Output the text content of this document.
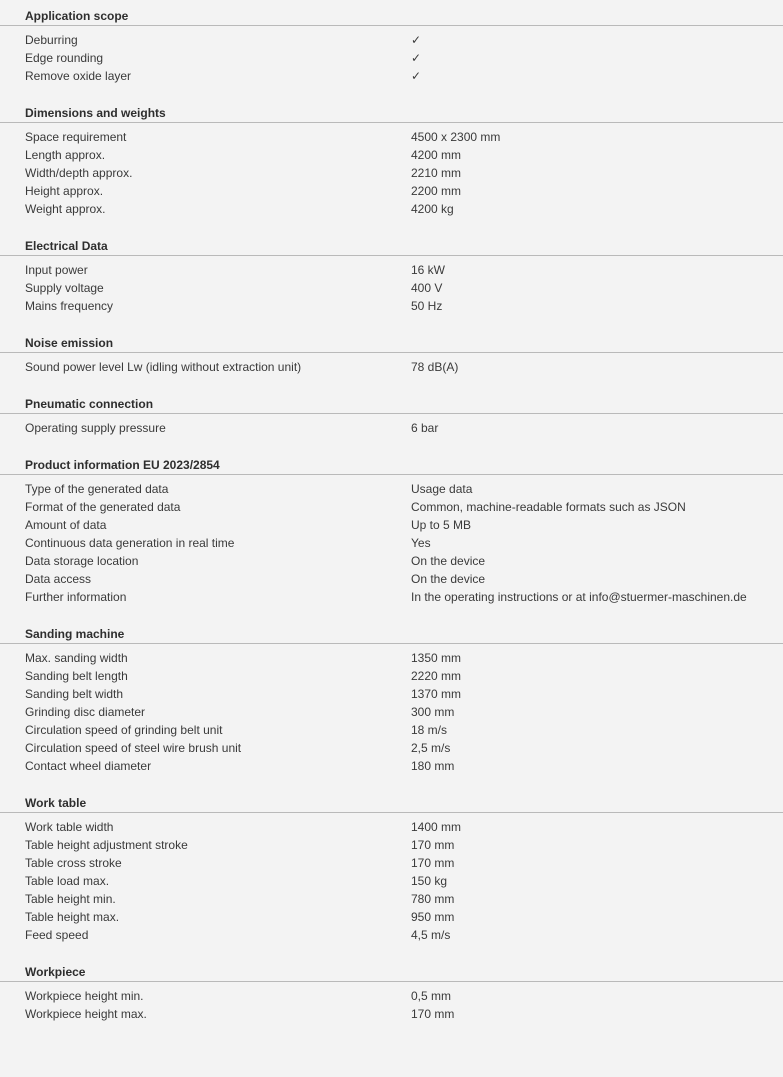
Application scope
Deburring	✓
Edge rounding	✓
Remove oxide layer	✓
Dimensions and weights
Space requirement	4500 x 2300 mm
Length approx.	4200 mm
Width/depth approx.	2210 mm
Height approx.	2200 mm
Weight approx.	4200 kg
Electrical Data
Input power	16 kW
Supply voltage	400 V
Mains frequency	50 Hz
Noise emission
Sound power level Lw (idling without extraction unit)	78 dB(A)
Pneumatic connection
Operating supply pressure	6 bar
Product information EU 2023/2854
Type of the generated data	Usage data
Format of the generated data	Common, machine-readable formats such as JSON
Amount of data	Up to 5 MB
Continuous data generation in real time	Yes
Data storage location	On the device
Data access	On the device
Further information	In the operating instructions or at info@stuermer-maschinen.de
Sanding machine
Max. sanding width	1350 mm
Sanding belt length	2220 mm
Sanding belt width	1370 mm
Grinding disc diameter	300 mm
Circulation speed of grinding belt unit	18 m/s
Circulation speed of steel wire brush unit	2,5 m/s
Contact wheel diameter	180 mm
Work table
Work table width	1400 mm
Table height adjustment stroke	170 mm
Table cross stroke	170 mm
Table load max.	150 kg
Table height min.	780 mm
Table height max.	950 mm
Feed speed	4,5 m/s
Workpiece
Workpiece height min.	0,5 mm
Workpiece height max.	170 mm
